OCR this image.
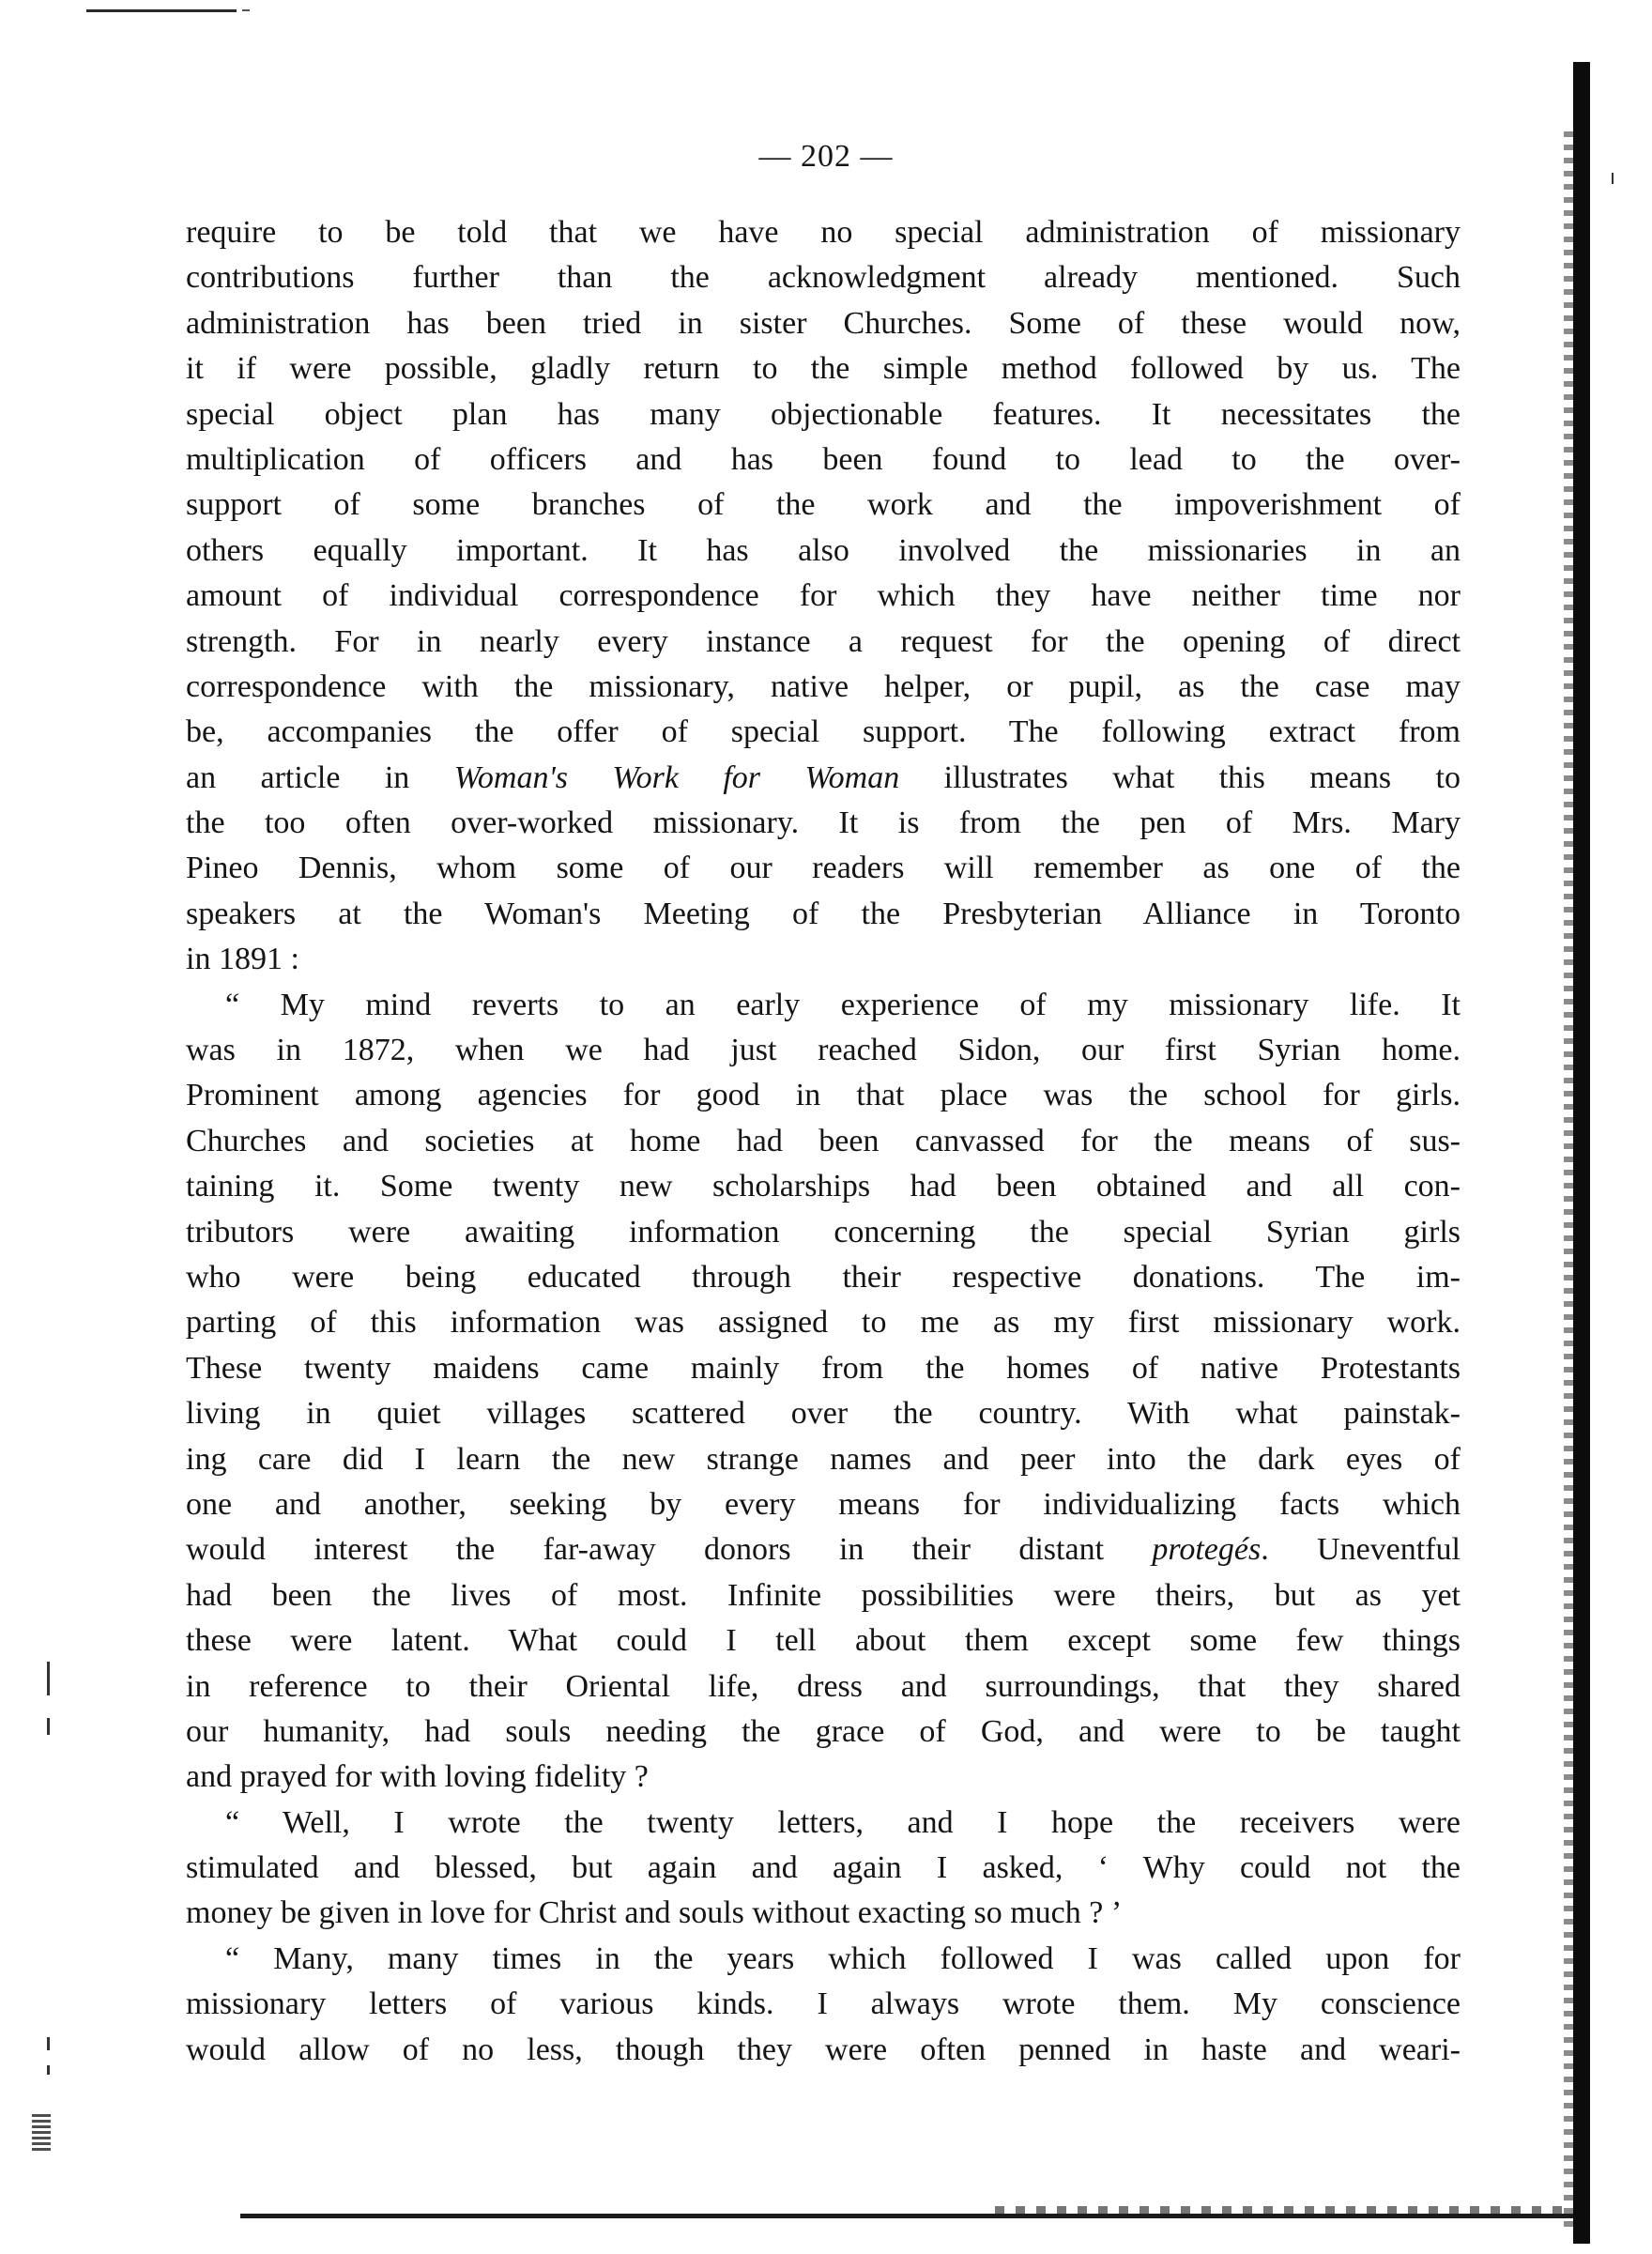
— 202 —
require to be told that we have no special administration of missionary
contributions further than the acknowledgment already mentioned. Such
administration has been tried in sister Churches. Some of these would now,
it if were possible, gladly return to the simple method followed by us. The
special object plan has many objectionable features. It necessitates the
multiplication of officers and has been found to lead to the over-
support of some branches of the work and the impoverishment of
others equally important. It has also involved the missionaries in an
amount of individual correspondence for which they have neither time nor
strength. For in nearly every instance a request for the opening of direct
correspondence with the missionary, native helper, or pupil, as the case may
be, accompanies the offer of special support. The following extract from
an article in Woman's Work for Woman illustrates what this means to
the too often over-worked missionary. It is from the pen of Mrs. Mary
Pineo Dennis, whom some of our readers will remember as one of the
speakers at the Woman's Meeting of the Presbyterian Alliance in Toronto
in 1891 :
“ My mind reverts to an early experience of my missionary life. It
was in 1872, when we had just reached Sidon, our first Syrian home.
Prominent among agencies for good in that place was the school for girls.
Churches and societies at home had been canvassed for the means of sus-
taining it. Some twenty new scholarships had been obtained and all con-
tributors were awaiting information concerning the special Syrian girls
who were being educated through their respective donations. The im-
parting of this information was assigned to me as my first missionary work.
These twenty maidens came mainly from the homes of native Protestants
living in quiet villages scattered over the country. With what painstak-
ing care did I learn the new strange names and peer into the dark eyes of
one and another, seeking by every means for individualizing facts which
would interest the far-away donors in their distant protegés. Uneventful
had been the lives of most. Infinite possibilities were theirs, but as yet
these were latent. What could I tell about them except some few things
in reference to their Oriental life, dress and surroundings, that they shared
our humanity, had souls needing the grace of God, and were to be taught
and prayed for with loving fidelity ?
“ Well, I wrote the twenty letters, and I hope the receivers were
stimulated and blessed, but again and again I asked, ‘ Why could not the
money be given in love for Christ and souls without exacting so much ? ’
“ Many, many times in the years which followed I was called upon for
missionary letters of various kinds. I always wrote them. My conscience
would allow of no less, though they were often penned in haste and weari-
